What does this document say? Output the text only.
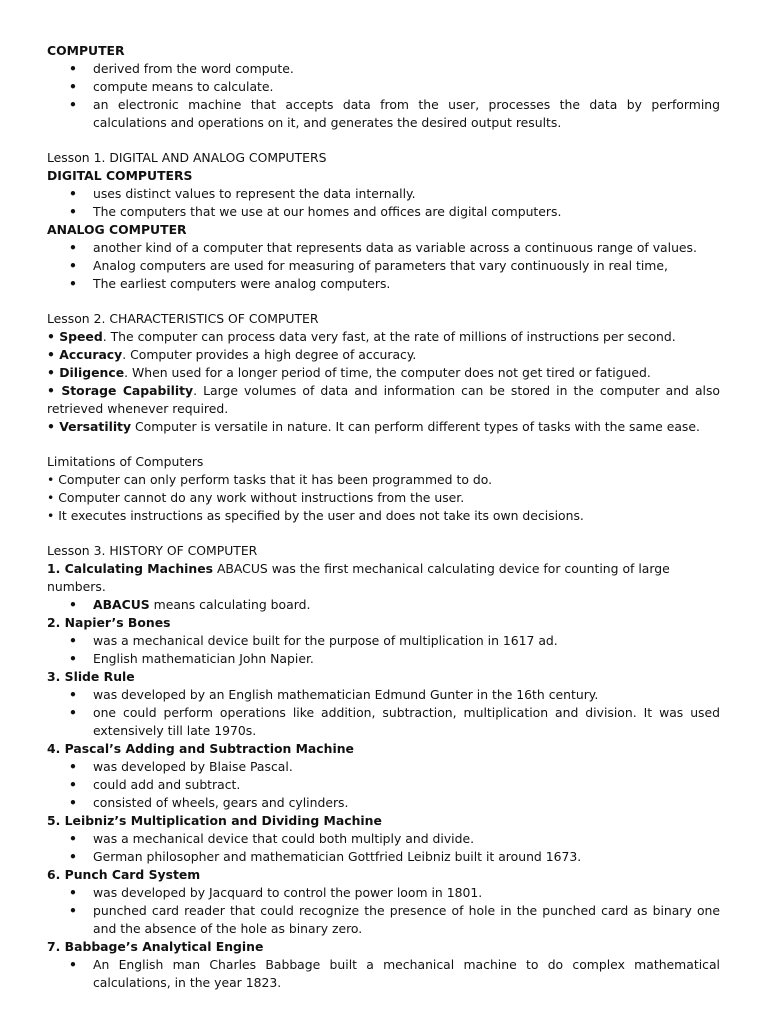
COMPUTER

• derived from the word compute.
• compute means to calculate.
• an electronic machine that accepts data from the user, processes the data by performing calculations and operations on it, and generates the desired output results.

Lesson 1. DIGITAL AND ANALOG COMPUTERS

DIGITAL COMPUTERS

• uses distinct values to represent the data internally.
• The computers that we use at our homes and offices are digital computers.

ANALOG COMPUTER

• another kind of a computer that represents data as variable across a continuous range of values.
• Analog computers are used for measuring of parameters that vary continuously in real time,
• The earliest computers were analog computers.

Lesson 2. CHARACTERISTICS OF COMPUTER

• Speed. The computer can process data very fast, at the rate of millions of instructions per second.

• Accuracy. Computer provides a high degree of accuracy.

• Diligence. When used for a longer period of time, the computer does not get tired or fatigued.

• Storage Capability. Large volumes of data and information can be stored in the computer and also retrieved whenever required.

• Versatility Computer is versatile in nature. It can perform different types of tasks with the same ease.

Limitations of Computers

• Computer can only perform tasks that it has been programmed to do.

• Computer cannot do any work without instructions from the user.

• It executes instructions as specified by the user and does not take its own decisions.

Lesson 3. HISTORY OF COMPUTER

1. Calculating Machines ABACUS was the first mechanical calculating device for counting of large numbers.

• ABACUS means calculating board.

2. Napier’s Bones

• was a mechanical device built for the purpose of multiplication in 1617 ad.
• English mathematician John Napier.

3. Slide Rule

• was developed by an English mathematician Edmund Gunter in the 16th century.
• one could perform operations like addition, subtraction, multiplication and division. It was used extensively till late 1970s.

4. Pascal’s Adding and Subtraction Machine

• was developed by Blaise Pascal.
• could add and subtract.
• consisted of wheels, gears and cylinders.

5. Leibniz’s Multiplication and Dividing Machine

• was a mechanical device that could both multiply and divide.
• German philosopher and mathematician Gottfried Leibniz built it around 1673.

6. Punch Card System

• was developed by Jacquard to control the power loom in 1801.
• punched card reader that could recognize the presence of hole in the punched card as binary one and the absence of the hole as binary zero.

7. Babbage’s Analytical Engine

• An English man Charles Babbage built a mechanical machine to do complex mathematical calculations, in the year 1823.
